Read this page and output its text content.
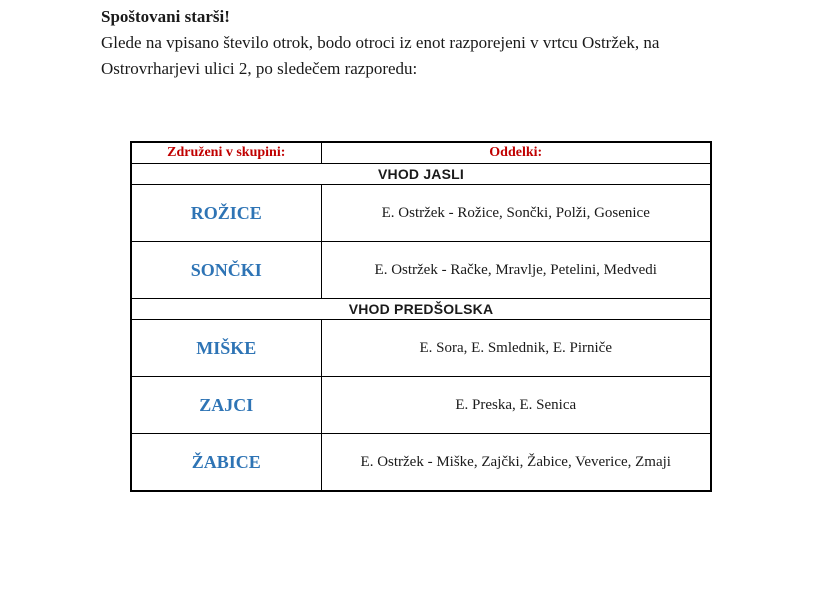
Spoštovani starši!

Glede na vpisano število otrok, bodo otroci iz enot razporejeni v vrtcu Ostržek, na

Ostrovrharjevi ulici 2, po sledečem razporedu:

Združeni v skupini:	Oddelki:
VHOD JASLI	
ROŽICE	E. Ostržek - Rožice, Sončki, Polži, Gosenice
SONČKI	E. Ostržek - Račke, Mravlje, Petelini, Medvedi
VHOD PREDŠOLSKA	
MIŠKE	E. Sora, E. Smlednik, E. Pirniče
ZAJCI	E. Preska, E. Senica
ŽABICE	E. Ostržek - Miške, Zajčki, Žabice, Veverice, Zmaji
